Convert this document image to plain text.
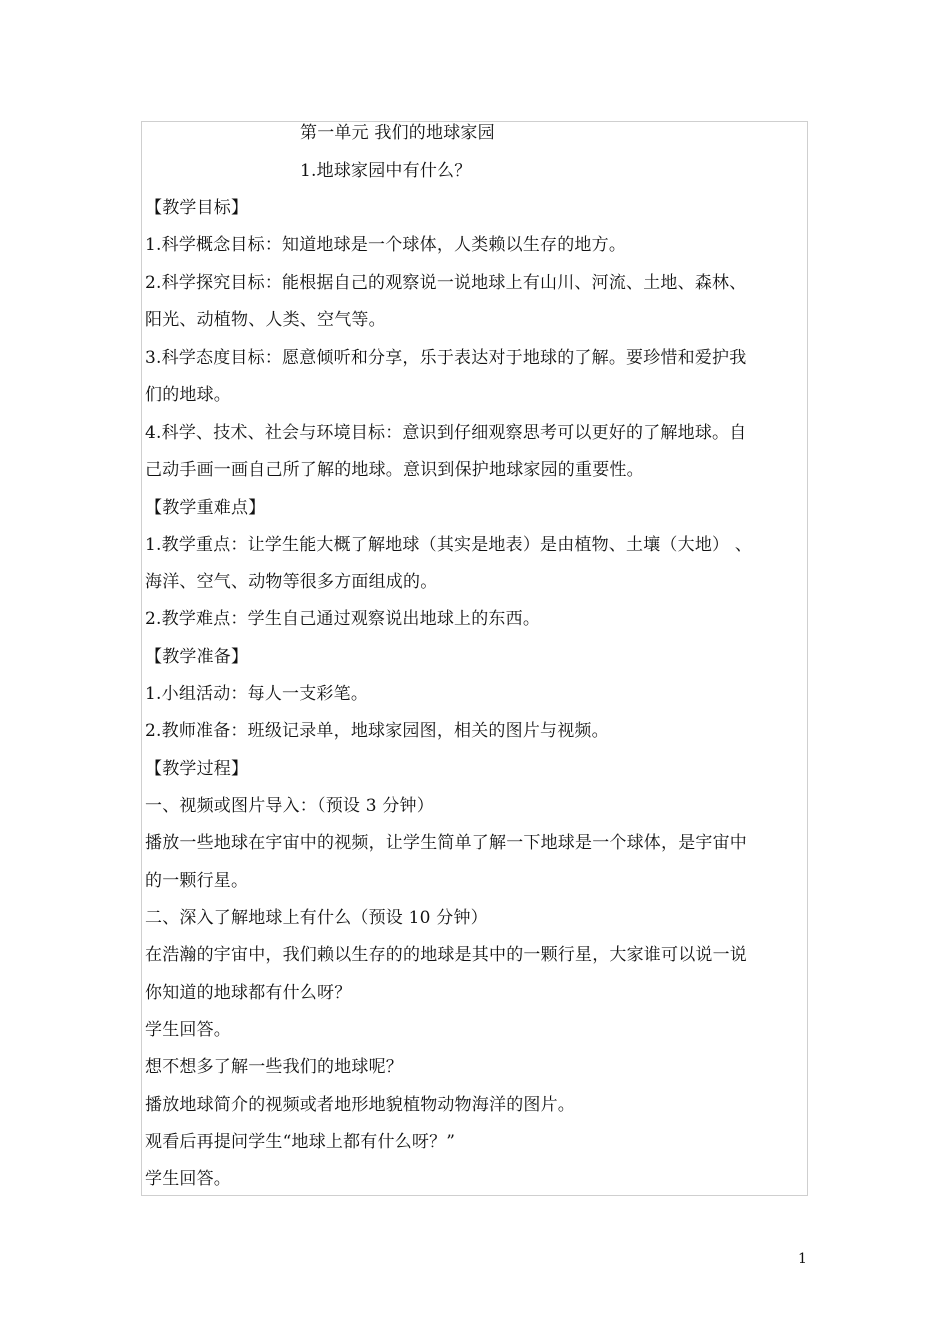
第一单元 我们的地球家园
1.地球家园中有什么？
【教学目标】
1.科学概念目标：知道地球是一个球体，人类赖以生存的地方。
2.科学探究目标：能根据自己的观察说一说地球上有山川、河流、土地、森林、
阳光、动植物、人类、空气等。
3.科学态度目标：愿意倾听和分享，乐于表达对于地球的了解。要珍惜和爱护我
们的地球。
4.科学、技术、社会与环境目标：意识到仔细观察思考可以更好的了解地球。自
己动手画一画自己所了解的地球。意识到保护地球家园的重要性。
【教学重难点】
1.教学重点：让学生能大概了解地球（其实是地表）是由植物、土壤（大地） 、
海洋、空气、动物等很多方面组成的。
2.教学难点：学生自己通过观察说出地球上的东西。
【教学准备】
1.小组活动：每人一支彩笔。
2.教师准备：班级记录单，地球家园图，相关的图片与视频。
【教学过程】
一、视频或图片导入：（预设 3 分钟）
播放一些地球在宇宙中的视频，让学生简单了解一下地球是一个球体，是宇宙中
的一颗行星。
二、深入了解地球上有什么（预设 10 分钟）
在浩瀚的宇宙中，我们赖以生存的的地球是其中的一颗行星，大家谁可以说一说
你知道的地球都有什么呀？
学生回答。
想不想多了解一些我们的地球呢？
播放地球简介的视频或者地形地貌植物动物海洋的图片。
观看后再提问学生“地球上都有什么呀？”
学生回答。
1
